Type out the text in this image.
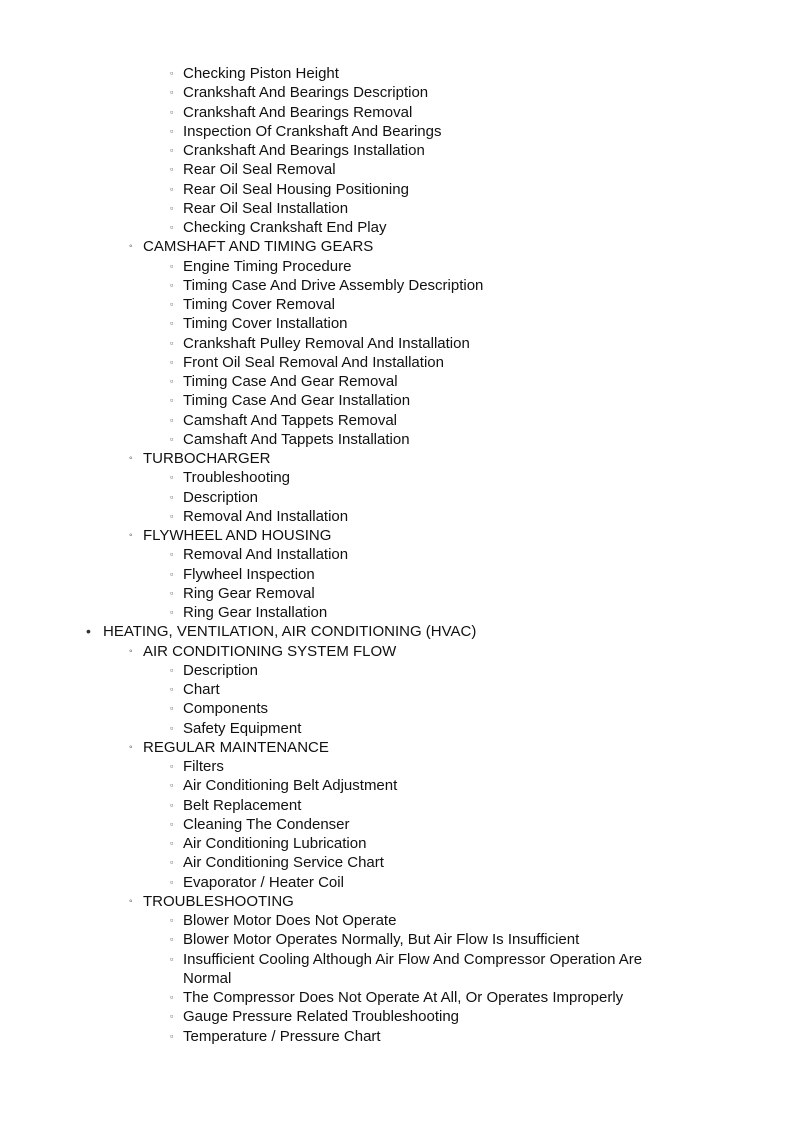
▫ Checking Piston Height
▫ Crankshaft And Bearings Description
▫ Crankshaft And Bearings Removal
▫ Inspection Of Crankshaft And Bearings
▫ Crankshaft And Bearings Installation
▫ Rear Oil Seal Removal
▫ Rear Oil Seal Housing Positioning
▫ Rear Oil Seal Installation
▫ Checking Crankshaft End Play
◦ CAMSHAFT AND TIMING GEARS
▫ Engine Timing Procedure
▫ Timing Case And Drive Assembly Description
▫ Timing Cover Removal
▫ Timing Cover Installation
▫ Crankshaft Pulley Removal And Installation
▫ Front Oil Seal Removal And Installation
▫ Timing Case And Gear Removal
▫ Timing Case And Gear Installation
▫ Camshaft And Tappets Removal
▫ Camshaft And Tappets Installation
◦ TURBOCHARGER
▫ Troubleshooting
▫ Description
▫ Removal And Installation
◦ FLYWHEEL AND HOUSING
▫ Removal And Installation
▫ Flywheel Inspection
▫ Ring Gear Removal
▫ Ring Gear Installation
• HEATING, VENTILATION, AIR CONDITIONING (HVAC)
◦ AIR CONDITIONING SYSTEM FLOW
▫ Description
▫ Chart
▫ Components
▫ Safety Equipment
◦ REGULAR MAINTENANCE
▫ Filters
▫ Air Conditioning Belt Adjustment
▫ Belt Replacement
▫ Cleaning The Condenser
▫ Air Conditioning Lubrication
▫ Air Conditioning Service Chart
▫ Evaporator / Heater Coil
◦ TROUBLESHOOTING
▫ Blower Motor Does Not Operate
▫ Blower Motor Operates Normally, But Air Flow Is Insufficient
▫ Insufficient Cooling Although Air Flow And Compressor Operation Are Normal
▫ The Compressor Does Not Operate At All, Or Operates Improperly
▫ Gauge Pressure Related Troubleshooting
▫ Temperature / Pressure Chart
